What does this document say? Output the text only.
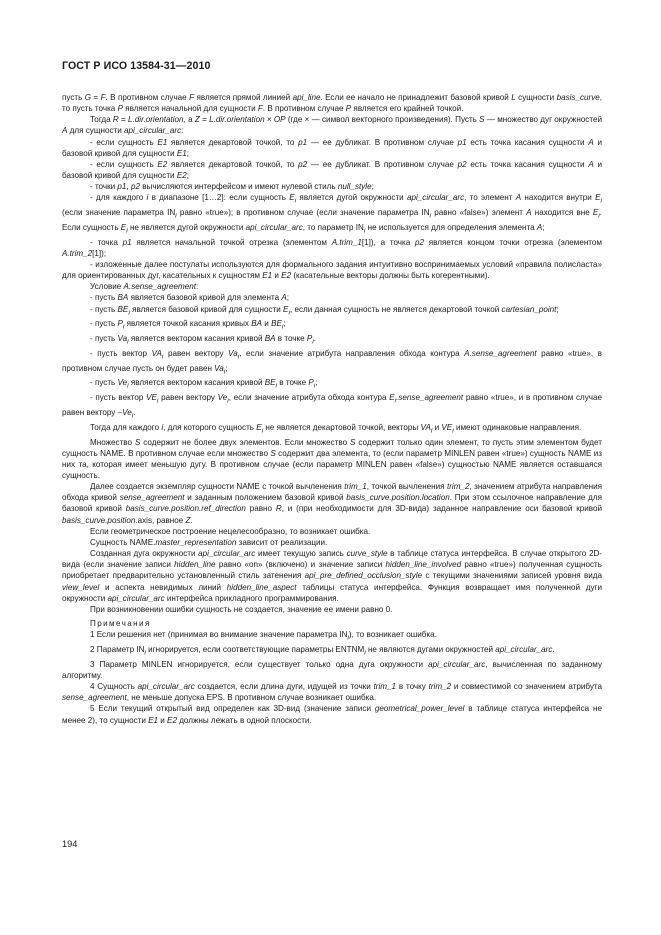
ГОСТ Р ИСО 13584-31—2010

пусть G = F. В противном случае F является прямой линией api_line. Если ее начало не принадлежит базовой кривой L сущности basis_curve, то пусть точка P является начальной для сущности F. В противном случае P является его крайней точкой.

Тогда R = L.dir.orientation, а Z = L.dir.orientation × OP (где × — символ векторного произведения). Пусть S — множество дуг окружностей A для сущности api_circular_arc:

- если сущность E1 является декартовой точкой, то p1 — ее дубликат. В противном случае p1 есть точка касания сущности A и базовой кривой для сущности E1;

- если сущность E2 является декартовой точкой, то p2 — ее дубликат. В противном случае p2 есть точка касания сущности A и базовой кривой для сущности E2;

- точки p1, p2 вычисляются интерфейсом и имеют нулевой стиль null_style;

- для каждого i в диапазоне [1…2]: если сущность $E_i$ является дугой окружности api_circular_arc, то элемент A находится внутри $E_i$ (если значение параметра $IN_i$ равно «true»); в противном случае (если значение параметра $IN_i$ равно «false») элемент A находится вне $E_i$. Если сущность $E_i$ не является дугой окружности api_circular_arc, то параметр $IN_i$ не используется для определения элемента A;

- точка p1 является начальной точкой отрезка (элементом A.trim_1[1]), а точка p2 является концом точки отрезка (элементом A.trim_2[1]);

- изложенные далее постулаты используются для формального задания интуитивно воспринимаемых условий «правила полисласта» для ориентированных дуг, касательных к сущностям E1 и E2 (касательные векторы должны быть когерентными).

Условие A.sense_agreement:

- пусть BA является базовой кривой для элемента A;

- пусть $BE_i$ является базовой кривой для сущности $E_i$, если данная сущность не является декартовой точкой cartesian_point;

- пусть $P_i$ является точкой касания кривых BA и $BE_i$;

- пусть $Va_i$ является вектором касания кривой BA в точке $P_i$.

- пусть вектор $VA_i$ равен вектору $Va_i$, если значение атрибута направления обхода контура A.sense_agreement равно «true», в противном случае пусть он будет равен $Va_i$;

- пусть $Ve_i$ является вектором касания кривой $BE_i$ в точке $P_i$;

- пусть вектор $VE_i$ равен вектору $Ve_i$, если значение атрибута обхода контура $E_i.sense\_agreement$ равно «true», и в противном случае равен вектору $-Ve_i$.

Тогда для каждого i, для которого сущность $E_i$ не является декартовой точкой, векторы $VA_i$ и $VE_i$ имеют одинаковые направления.

Множество S содержит не более двух элементов. Если множество S содержит только один элемент, то пусть этим элементом будет сущность NAME. В противном случае если множество S содержит два элемента, то (если параметр MINLEN равен «true») сущность NAME из них та, которая имеет меньшую дугу. В противном случае (если параметр MINLEN равен «false») сущностью NAME является оставшаяся сущность.

Далее создается экземпляр сущности NAME с точкой вычленения trim_1, точкой вычленения trim_2, значением атрибута направления обхода кривой sense_agreement и заданным положением базовой кривой basis_curve.position.location. При этом ссылочное направление для базовой кривой basis_curve.position.ref_direction равно R, и (при необходимости для 3D-вида) заданное направление оси базовой кривой basis_curve.position.axis, равное Z.

Если геометрическое построение нецелесообразно, то возникает ошибка.

Сущность NAME.master_representation зависит от реализации.

Созданная дуга окружности api_circular_arc имеет текущую запись curve_style в таблице статуса интерфейса. В случае открытого 2D-вида (если значение записи hidden_line равно «on» (включено) и значение записи hidden_line_involved равно «true») полученная сущность приобретает предварительно установленный стиль затенения api_pre_defined_occlusion_style с текущими значениями записей уровня вида view_level и аспекта невидимых линий hidden_line_aspect таблицы статуса интерфейса. Функция возвращает имя полученной дуги окружности api_circular_arc интерфейса прикладного программирования.

При возникновении ошибки сущность не создается, значение ее имени равно 0.

Примечания

1 Если решения нет (принимая во внимание значение параметра $IN_i$), то возникает ошибка.

2 Параметр $IN_i$ игнорируется, если соответствующие параметры $ENTNM_i$ не являются дугами окружностей api_circular_arc.

3 Параметр MINLEN игнорируется, если существует только одна дуга окружности api_circular_arc, вычисленная по заданному алгоритму.

4 Сущность api_circular_arc создается, если длина дуги, идущей из точки trim_1 в точку trim_2 и совместимой со значением атрибута sense_agreement, не меньше допуска EPS. В противном случае возникает ошибка.

5 Если текущий открытый вид определен как 3D-вид (значение записи geometrical_power_level в таблице статуса интерфейса не менее 2), то сущности E1 и E2 должны лежать в одной плоскости.

194
